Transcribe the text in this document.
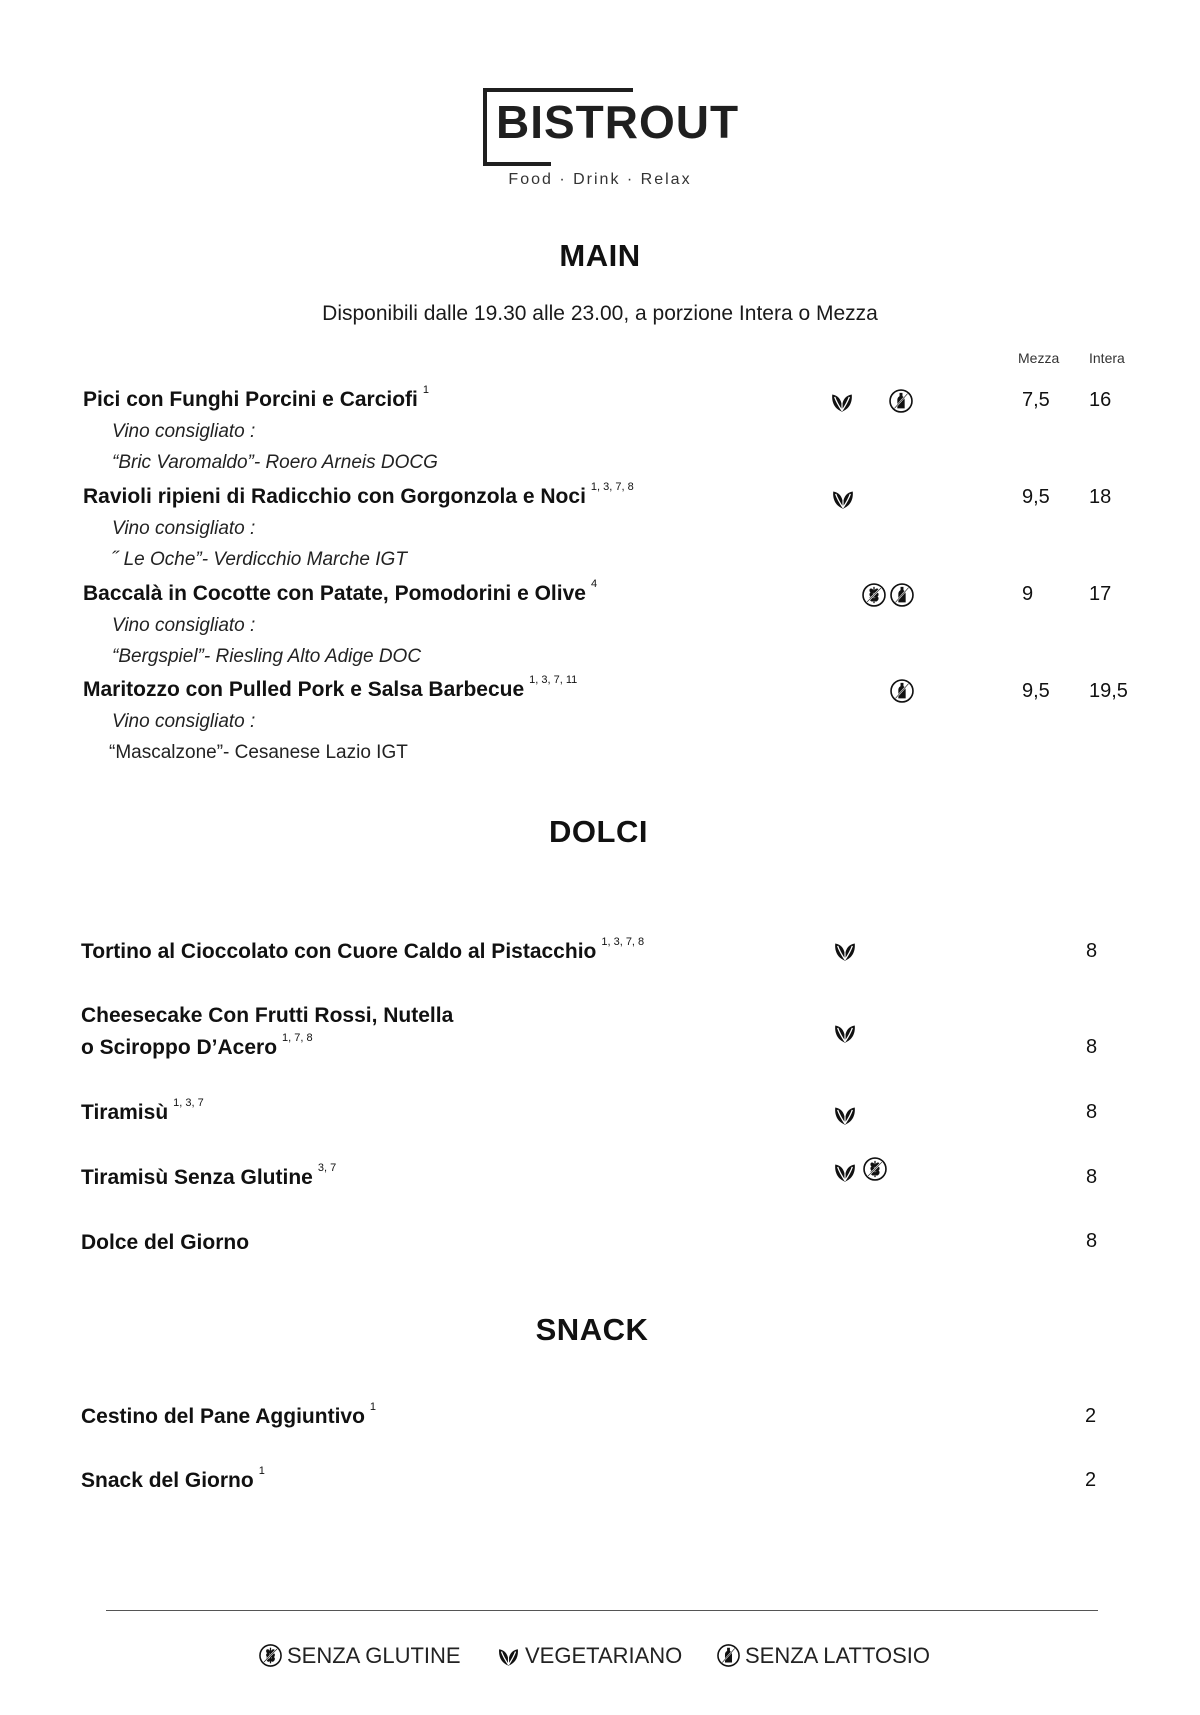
BISTROUT
Food · Drink · Relax
MAIN
Disponibili dalle 19.30 alle 23.00, a porzione Intera o Mezza
Mezza Intera
Pici con Funghi Porcini e Carciofi $^1$
Vino consigliato :
“Bric Varomaldo”- Roero Arneis DOCG
7,5 16
Ravioli ripieni di Radicchio con Gorgonzola e Noci $^{1, 3, 7, 8}$
Vino consigliato :
˝ Le Oche”- Verdicchio Marche IGT
9,5 18
Baccalà in Cocotte con Patate, Pomodorini e Olive $^4$
Vino consigliato :
“Bergspiel”- Riesling Alto Adige DOC
9	17
Maritozzo con Pulled Pork e Salsa Barbecue $^{1, 3, 7, 11}$
Vino consigliato :
“Mascalzone”- Cesanese Lazio IGT
9,5 19,5
DOLCI
Tortino al Cioccolato con Cuore Caldo al Pistacchio $^{1, 3, 7, 8}$	8
Cheesecake Con Frutti Rossi, Nutella
o Sciroppo D’Acero $^{1, 7, 8}$	8
Tiramisù $^{1, 3, 7}$	8
Tiramisù Senza Glutine $^{3, 7}$	8
Dolce del Giorno	8
SNACK
Cestino del Pane Aggiuntivo $^1$	2
Snack del Giorno $^1$	2
SENZA GLUTINE	VEGETARIANO	SENZA LATTOSIO
